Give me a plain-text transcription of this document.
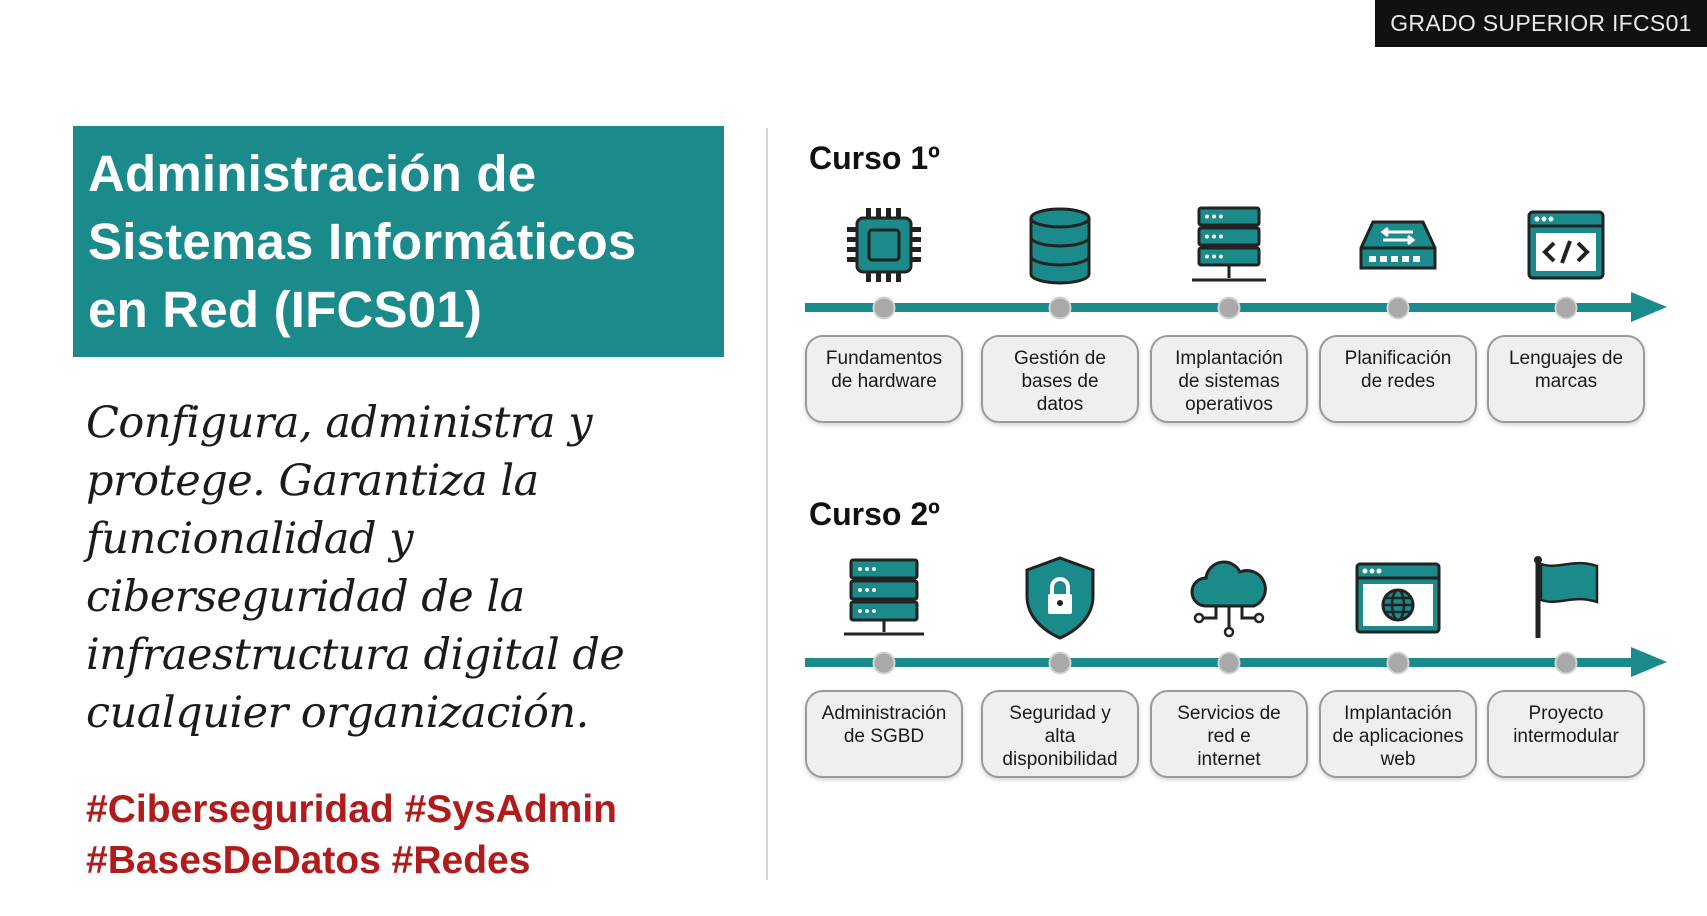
GRADO SUPERIOR IFCS01
Administración de
Sistemas Informáticos
en Red (IFCS01)
Configura, administra y
protege. Garantiza la
funcionalidad y
ciberseguridad de la
infraestructura digital de
cualquier organización.
#Ciberseguridad #SysAdmin
#BasesDeDatos #Redes
Curso 1º
Fundamentos
de hardware
Gestión de
bases de
datos
Implantación
de sistemas
operativos
Planificación
de redes
Lenguajes de
marcas
Curso 2º
Administración
de SGBD
Seguridad y
alta
disponibilidad
Servicios de
red e
internet
Implantación
de aplicaciones
web
Proyecto
intermodular
